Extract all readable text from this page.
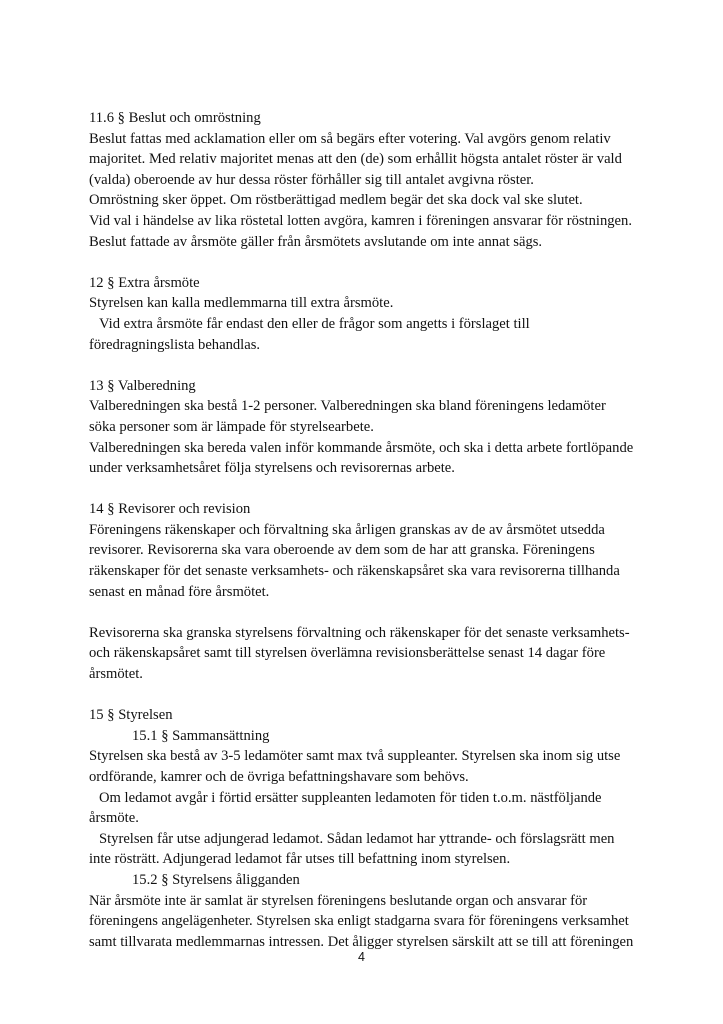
11.6 § Beslut och omröstning
Beslut fattas med acklamation eller om så begärs efter votering. Val avgörs genom relativ
majoritet. Med relativ majoritet menas att den (de) som erhållit högsta antalet röster är vald
(valda) oberoende av hur dessa röster förhåller sig till antalet avgivna röster.
Omröstning sker öppet. Om röstberättigad medlem begär det ska dock val ske slutet.
Vid val i händelse av lika röstetal lotten avgöra, kamren i föreningen ansvarar för röstningen.
Beslut fattade av årsmöte gäller från årsmötets avslutande om inte annat sägs.
12 § Extra årsmöte
Styrelsen kan kalla medlemmarna till extra årsmöte.
Vid extra årsmöte får endast den eller de frågor som angetts i förslaget till
föredragningslista behandlas.
13 § Valberedning
Valberedningen ska bestå 1-2 personer. Valberedningen ska bland föreningens ledamöter
söka personer som är lämpade för styrelsearbete.
Valberedningen ska bereda valen inför kommande årsmöte, och ska i detta arbete fortlöpande
under verksamhetsåret följa styrelsens och revisorernas arbete.
14 § Revisorer och revision
Föreningens räkenskaper och förvaltning ska årligen granskas av de av årsmötet utsedda
revisorer. Revisorerna ska vara oberoende av dem som de har att granska. Föreningens
räkenskaper för det senaste verksamhets- och räkenskapsåret ska vara revisorerna tillhanda
senast en månad före årsmötet.
Revisorerna ska granska styrelsens förvaltning och räkenskaper för det senaste verksamhets-
och räkenskapsåret samt till styrelsen överlämna revisionsberättelse senast 14 dagar före
årsmötet.
15 § Styrelsen
15.1 § Sammansättning
Styrelsen ska bestå av 3-5 ledamöter samt max två suppleanter. Styrelsen ska inom sig utse
ordförande, kamrer och de övriga befattningshavare som behövs.
Om ledamot avgår i förtid ersätter suppleanten ledamoten för tiden t.o.m. nästföljande
årsmöte.
Styrelsen får utse adjungerad ledamot. Sådan ledamot har yttrande- och förslagsrätt men
inte rösträtt. Adjungerad ledamot får utses till befattning inom styrelsen.
15.2 § Styrelsens åligganden
När årsmöte inte är samlat är styrelsen föreningens beslutande organ och ansvarar för
föreningens angelägenheter. Styrelsen ska enligt stadgarna svara för föreningens verksamhet
samt tillvarata medlemmarnas intressen. Det åligger styrelsen särskilt att se till att föreningen
4
